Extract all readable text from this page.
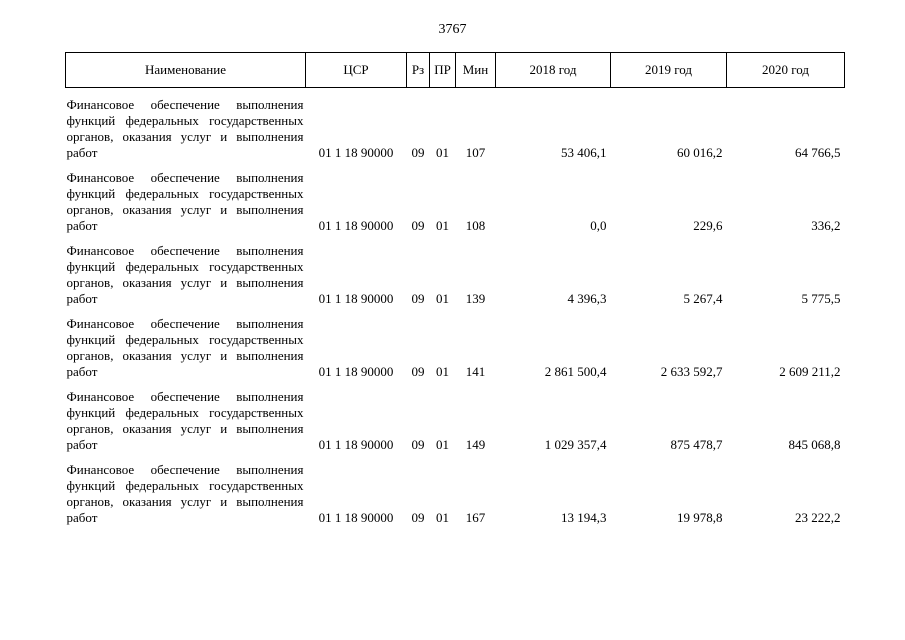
3767
Наименование	ЦСР	Рз	ПР	Мин	2018 год	2019 год	2020 год
Финансовое обеспечение выполнения функций федеральных государственных органов, оказания услуг и выполнения работ	01 1 18 90000	09	01	107	53 406,1	60 016,2	64 766,5
Финансовое обеспечение выполнения функций федеральных государственных органов, оказания услуг и выполнения работ	01 1 18 90000	09	01	108	0,0	229,6	336,2
Финансовое обеспечение выполнения функций федеральных государственных органов, оказания услуг и выполнения работ	01 1 18 90000	09	01	139	4 396,3	5 267,4	5 775,5
Финансовое обеспечение выполнения функций федеральных государственных органов, оказания услуг и выполнения работ	01 1 18 90000	09	01	141	2 861 500,4	2 633 592,7	2 609 211,2
Финансовое обеспечение выполнения функций федеральных государственных органов, оказания услуг и выполнения работ	01 1 18 90000	09	01	149	1 029 357,4	875 478,7	845 068,8
Финансовое обеспечение выполнения функций федеральных государственных органов, оказания услуг и выполнения работ	01 1 18 90000	09	01	167	13 194,3	19 978,8	23 222,2
